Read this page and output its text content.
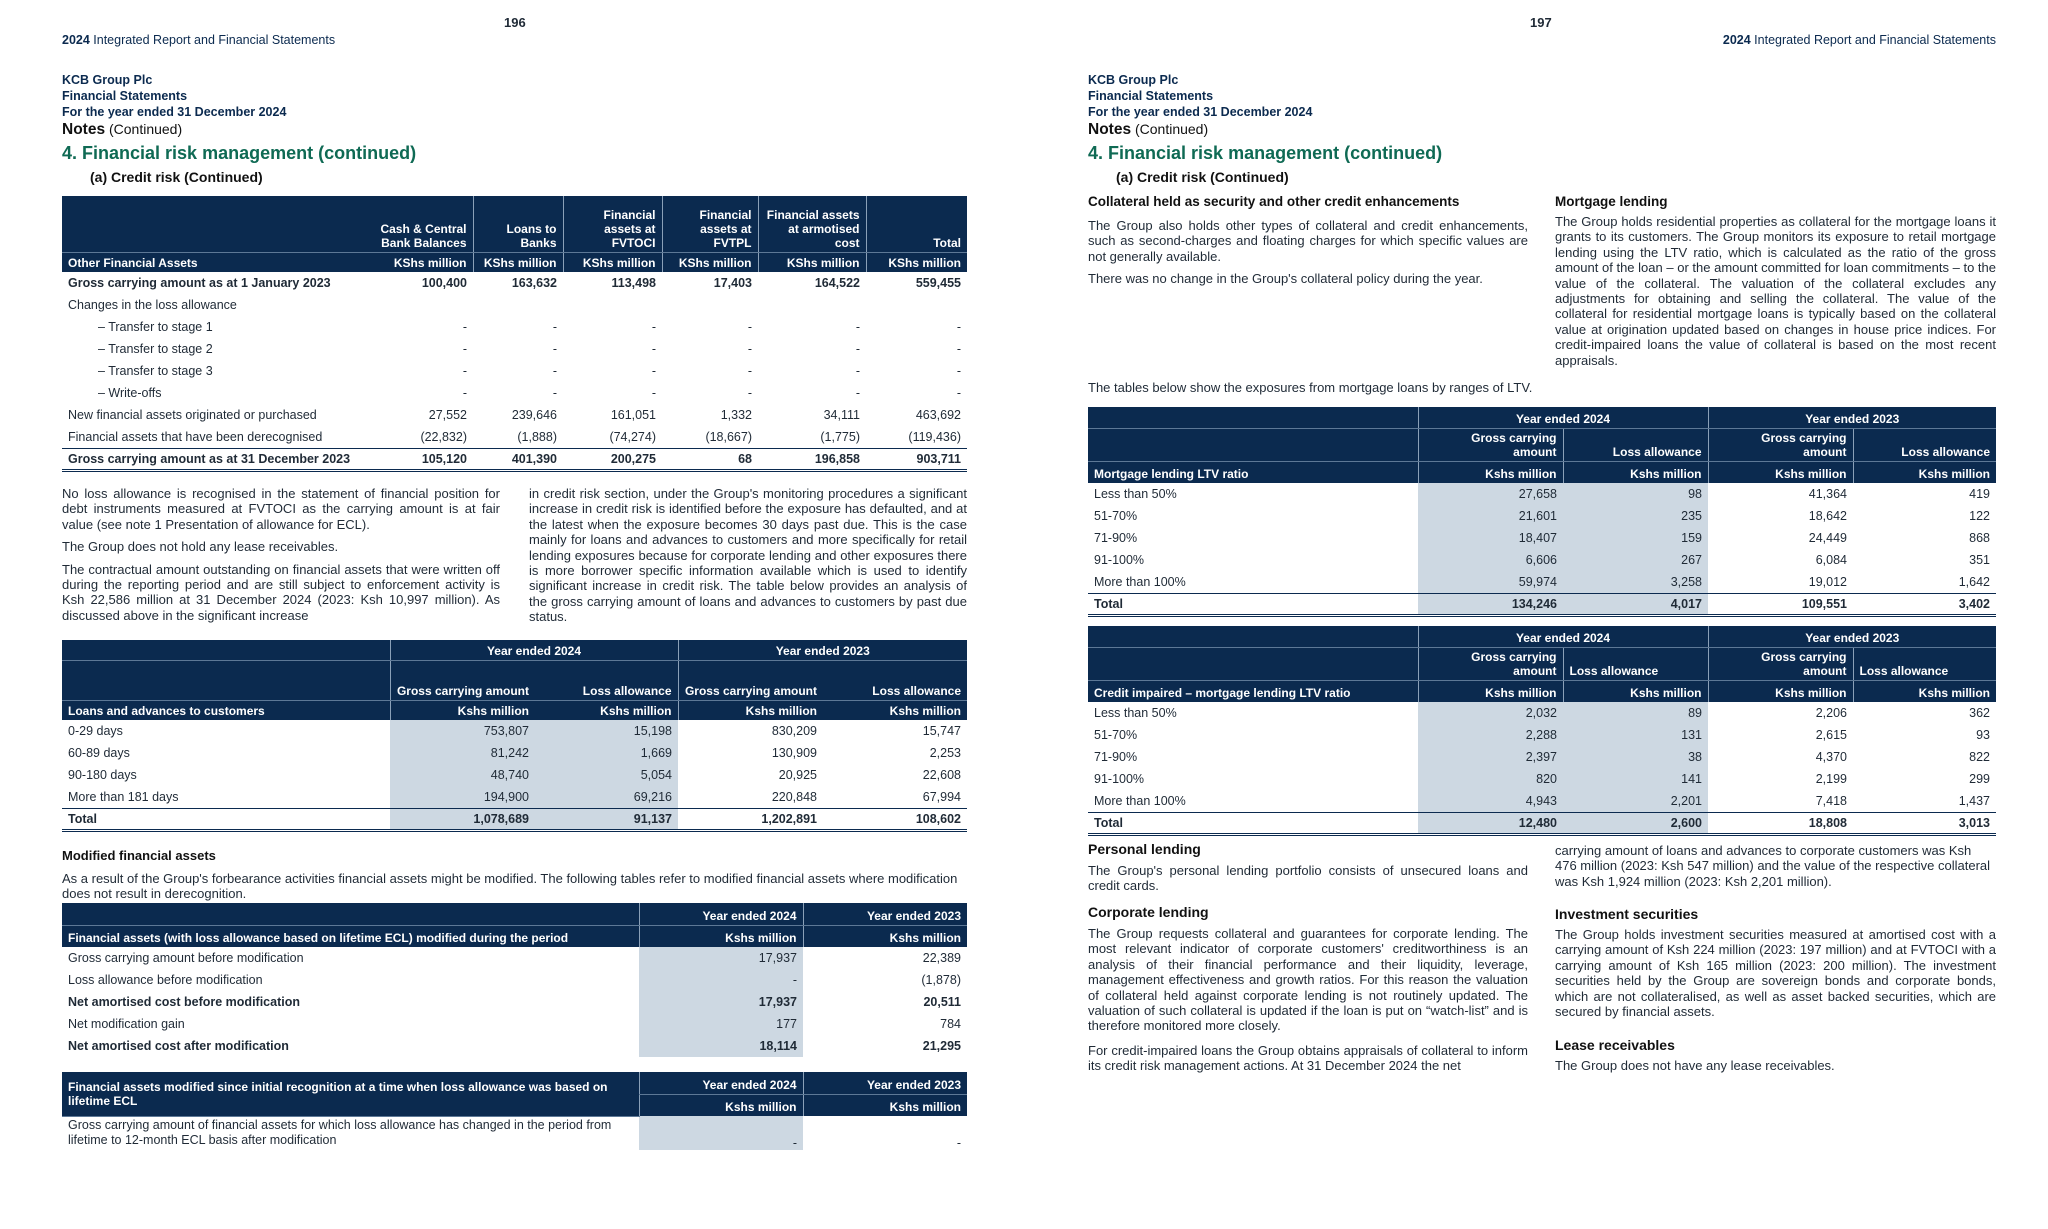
196
2024 Integrated Report and Financial Statements
KCB Group Plc
Financial Statements
For the year ended 31 December 2024
Notes (Continued)
4. Financial risk management (continued)
(a) Credit risk (Continued)
	Cash & Central Bank Balances	Loans to Banks	Financial assets at FVTOCI	Financial assets at FVTPL	Financial assets at armotised cost	Total
Other Financial Assets	KShs million	KShs million	KShs million	KShs million	KShs million	KShs million
Gross carrying amount as at 1 January 2023	100,400	163,632	113,498	17,403	164,522	559,455
Changes in the loss allowance						
– Transfer to stage 1	-	-	-	-	-	-
– Transfer to stage 2	-	-	-	-	-	-
– Transfer to stage 3	-	-	-	-	-	-
– Write-offs	-	-	-	-	-	-
New financial assets originated or purchased	27,552	239,646	161,051	1,332	34,111	463,692
Financial assets that have been derecognised	(22,832)	(1,888)	(74,274)	(18,667)	(1,775)	(119,436)
Gross carrying amount as at 31 December 2023	105,120	401,390	200,275	68	196,858	903,711

No loss allowance is recognised in the statement of financial position for debt instruments measured at FVTOCI as the carrying amount is at fair value (see note 1 Presentation of allowance for ECL).

The Group does not hold any lease receivables.

The contractual amount outstanding on financial assets that were written off during the reporting period and are still subject to enforcement activity is Ksh 22,586 million at 31 December 2024 (2023: Ksh 10,997 million). As discussed above in the significant increase

in credit risk section, under the Group's monitoring procedures a significant increase in credit risk is identified before the exposure has defaulted, and at the latest when the exposure becomes 30 days past due. This is the case mainly for loans and advances to customers and more specifically for retail lending exposures because for corporate lending and other exposures there is more borrower specific information available which is used to identify significant increase in credit risk. The table below provides an analysis of the gross carrying amount of loans and advances to customers by past due status.

	Year ended 2024		Year ended 2023	
	Gross carrying amount	Loss allowance	Gross carrying amount	Loss allowance
Loans and advances to customers	Kshs million	Kshs million	Kshs million	Kshs million
0-29 days	753,807	15,198	830,209	15,747
60-89 days	81,242	1,669	130,909	2,253
90-180 days	48,740	5,054	20,925	22,608
More than 181 days	194,900	69,216	220,848	67,994
Total	1,078,689	91,137	1,202,891	108,602
Modified financial assets
As a result of the Group's forbearance activities financial assets might be modified. The following tables refer to modified financial assets where modification does not result in derecognition.
	Year ended 2024	Year ended 2023
Financial assets (with loss allowance based on lifetime ECL) modified during the period	Kshs million	Kshs million
Gross carrying amount before modification	17,937	22,389
Loss allowance before modification	-	(1,878)
Net amortised cost before modification	17,937	20,511
Net modification gain	177	784
Net amortised cost after modification	18,114	21,295
Financial assets modified since initial recognition at a time when loss allowance was based on lifetime ECL	Year ended 2024	Year ended 2023
	Kshs million	Kshs million
Gross carrying amount of financial assets for which loss allowance has changed in the period from lifetime to 12-month ECL basis after modification	-	-
197
2024 Integrated Report and Financial Statements
KCB Group Plc
Financial Statements
For the year ended 31 December 2024
Notes (Continued)
4. Financial risk management (continued)
(a) Credit risk (Continued)
Collateral held as security and other credit enhancements

The Group also holds other types of collateral and credit enhancements, such as second-charges and floating charges for which specific values are not generally available.

There was no change in the Group's collateral policy during the year.

Mortgage lending
The Group holds residential properties as collateral for the mortgage loans it grants to its customers. The Group monitors its exposure to retail mortgage lending using the LTV ratio, which is calculated as the ratio of the gross amount of the loan – or the amount committed for loan commitments – to the value of the collateral. The valuation of the collateral excludes any adjustments for obtaining and selling the collateral. The value of the collateral for residential mortgage loans is typically based on the collateral value at origination updated based on changes in house price indices. For credit-impaired loans the value of collateral is based on the most recent appraisals.
The tables below show the exposures from mortgage loans by ranges of LTV.
	Year ended 2024		Year ended 2023	
	Gross carrying amount	Loss allowance	Gross carrying amount	Loss allowance
Mortgage lending LTV ratio	Kshs million	Kshs million	Kshs million	Kshs million
Less than 50%	27,658	98	41,364	419
51-70%	21,601	235	18,642	122
71-90%	18,407	159	24,449	868
91-100%	6,606	267	6,084	351
More than 100%	59,974	3,258	19,012	1,642
Total	134,246	4,017	109,551	3,402
	Year ended 2024		Year ended 2023	
	Gross carrying amount	Loss allowance	Gross carrying amount	Loss allowance
Credit impaired – mortgage lending LTV ratio	Kshs million	Kshs million	Kshs million	Kshs million
Less than 50%	2,032	89	2,206	362
51-70%	2,288	131	2,615	93
71-90%	2,397	38	4,370	822
91-100%	820	141	2,199	299
More than 100%	4,943	2,201	7,418	1,437
Total	12,480	2,600	18,808	3,013
Personal lending
The Group's personal lending portfolio consists of unsecured loans and credit cards.
Corporate lending

The Group requests collateral and guarantees for corporate lending. The most relevant indicator of corporate customers' creditworthiness is an analysis of their financial performance and their liquidity, leverage, management effectiveness and growth ratios. For this reason the valuation of collateral held against corporate lending is not routinely updated. The valuation of such collateral is updated if the loan is put on “watch-list” and is therefore monitored more closely.

For credit-impaired loans the Group obtains appraisals of collateral to inform its credit risk management actions. At 31 December 2024 the net

carrying amount of loans and advances to corporate customers was Ksh 476 million (2023: Ksh 547 million) and the value of the respective collateral was Ksh 1,924 million (2023: Ksh 2,201 million).
Investment securities
The Group holds investment securities measured at amortised cost with a carrying amount of Ksh 224 million (2023: 197 million) and at FVTOCI with a carrying amount of Ksh 165 million (2023: 200 million). The investment securities held by the Group are sovereign bonds and corporate bonds, which are not collateralised, as well as asset backed securities, which are secured by financial assets.
Lease receivables
The Group does not have any lease receivables.
